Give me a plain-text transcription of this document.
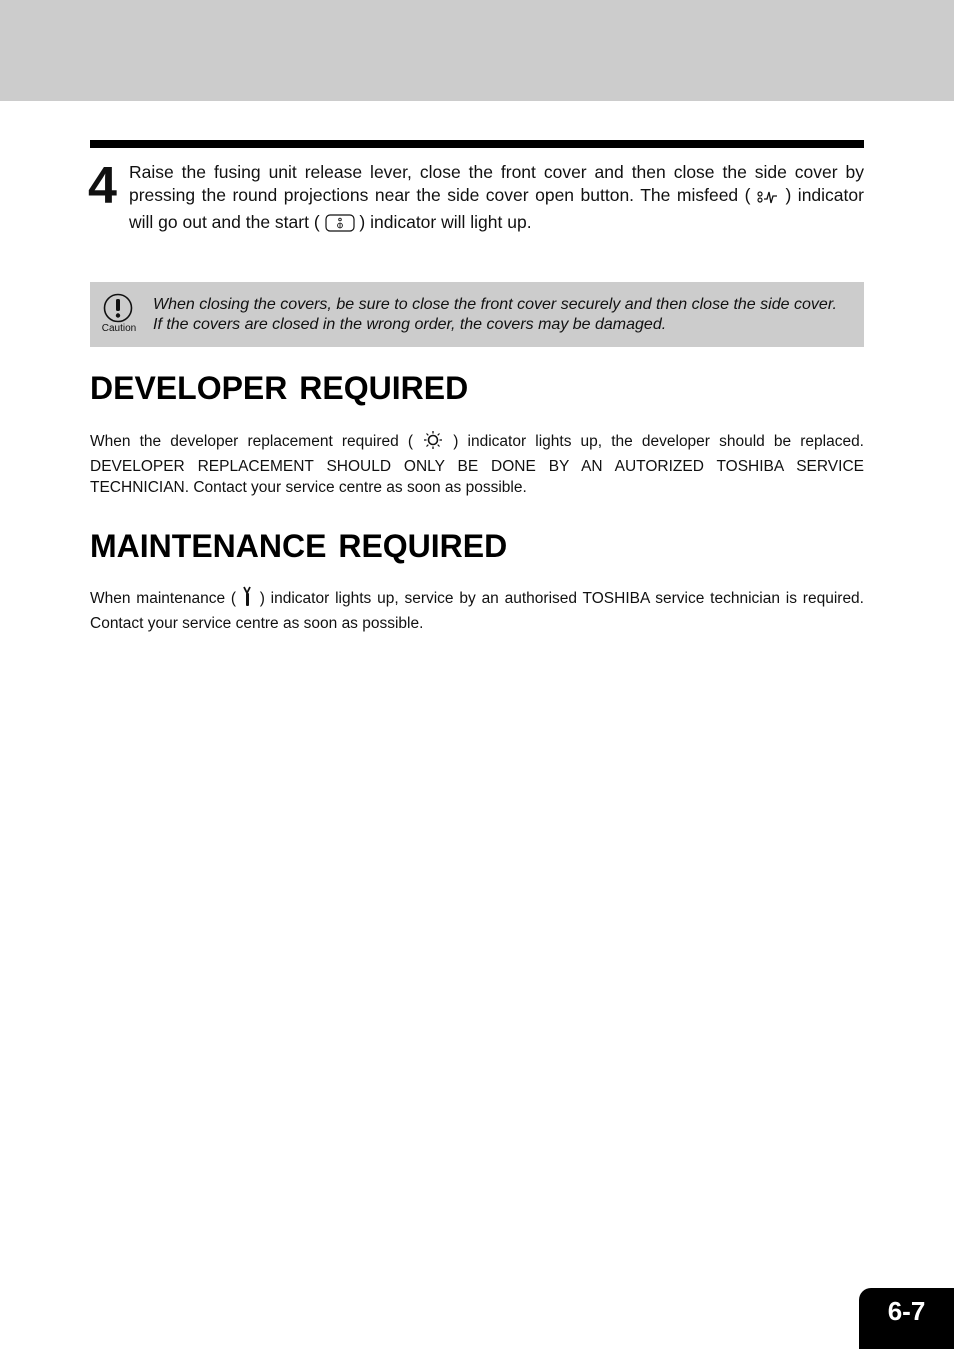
4 Raise the fusing unit release lever, close the front cover and then close the side cover by pressing the round projections near the side cover open button. The misfeed ( ) indicator will go out and the start ( ) indicator will light up.
Caution
When closing the covers, be sure to close the front cover securely and then close the side cover. If the covers are closed in the wrong order, the covers may be damaged.
DEVELOPER REQUIRED

When the developer replacement required (	) indicator lights up, the developer should be replaced. DEVELOPER REPLACEMENT SHOULD ONLY BE DONE BY AN AUTORIZED TOSHIBA SERVICE TECHNICIAN. Contact your service centre as soon as possible.

MAINTENANCE REQUIRED

When maintenance ( ) indicator lights up, service by an authorised TOSHIBA service technician is required. Contact your service centre as soon as possible.

6-7
